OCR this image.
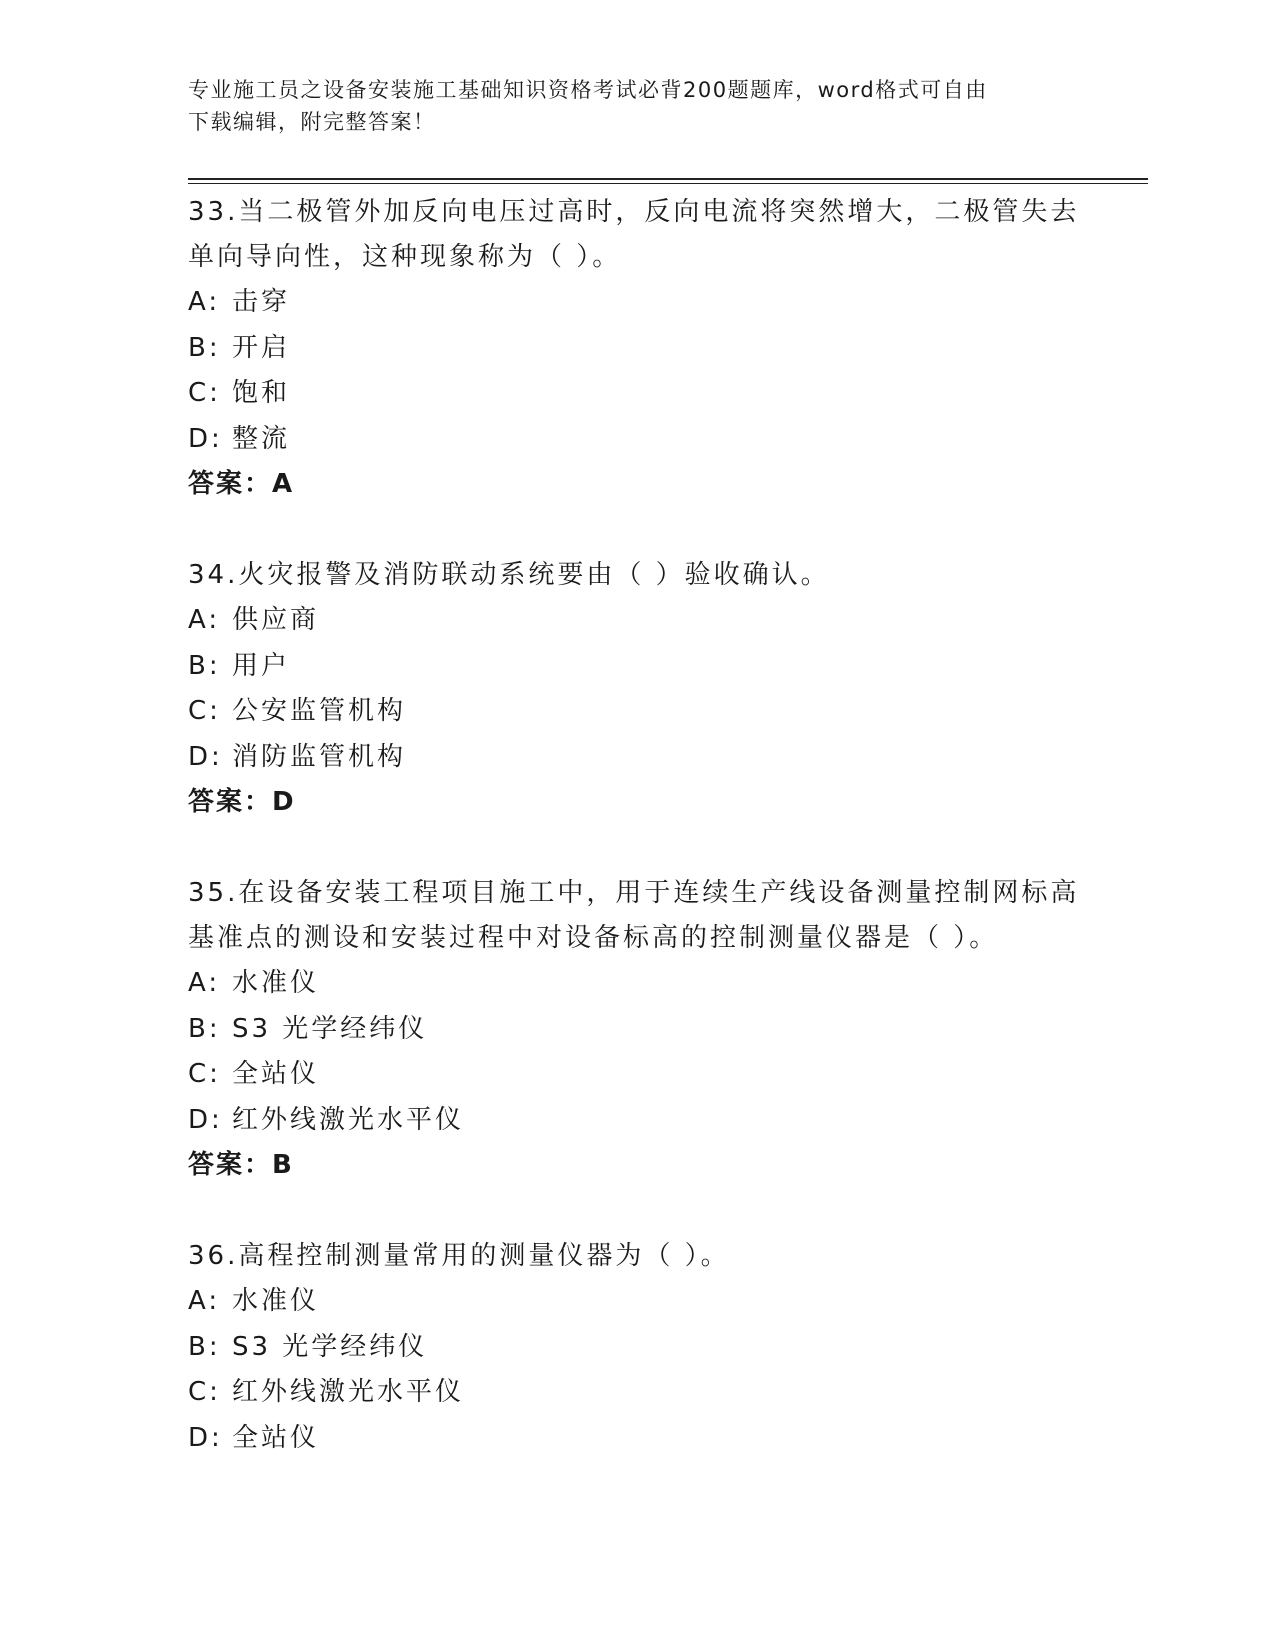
专业施工员之设备安装施工基础知识资格考试必背200题题库，word格式可自由
下载编辑，附完整答案！
33.当二极管外加反向电压过高时，反向电流将突然增大，二极管失去
单向导向性，这种现象称为（ ）。
A: 击穿
B: 开启
C: 饱和
D: 整流
答案：A
34.火灾报警及消防联动系统要由（ ）验收确认。
A: 供应商
B: 用户
C: 公安监管机构
D: 消防监管机构
答案：D
35.在设备安装工程项目施工中，用于连续生产线设备测量控制网标高
基准点的测设和安装过程中对设备标高的控制测量仪器是（ ）。
A: 水准仪
B: S3 光学经纬仪
C: 全站仪
D: 红外线激光水平仪
答案：B
36.高程控制测量常用的测量仪器为（ ）。
A: 水准仪
B: S3 光学经纬仪
C: 红外线激光水平仪
D: 全站仪
